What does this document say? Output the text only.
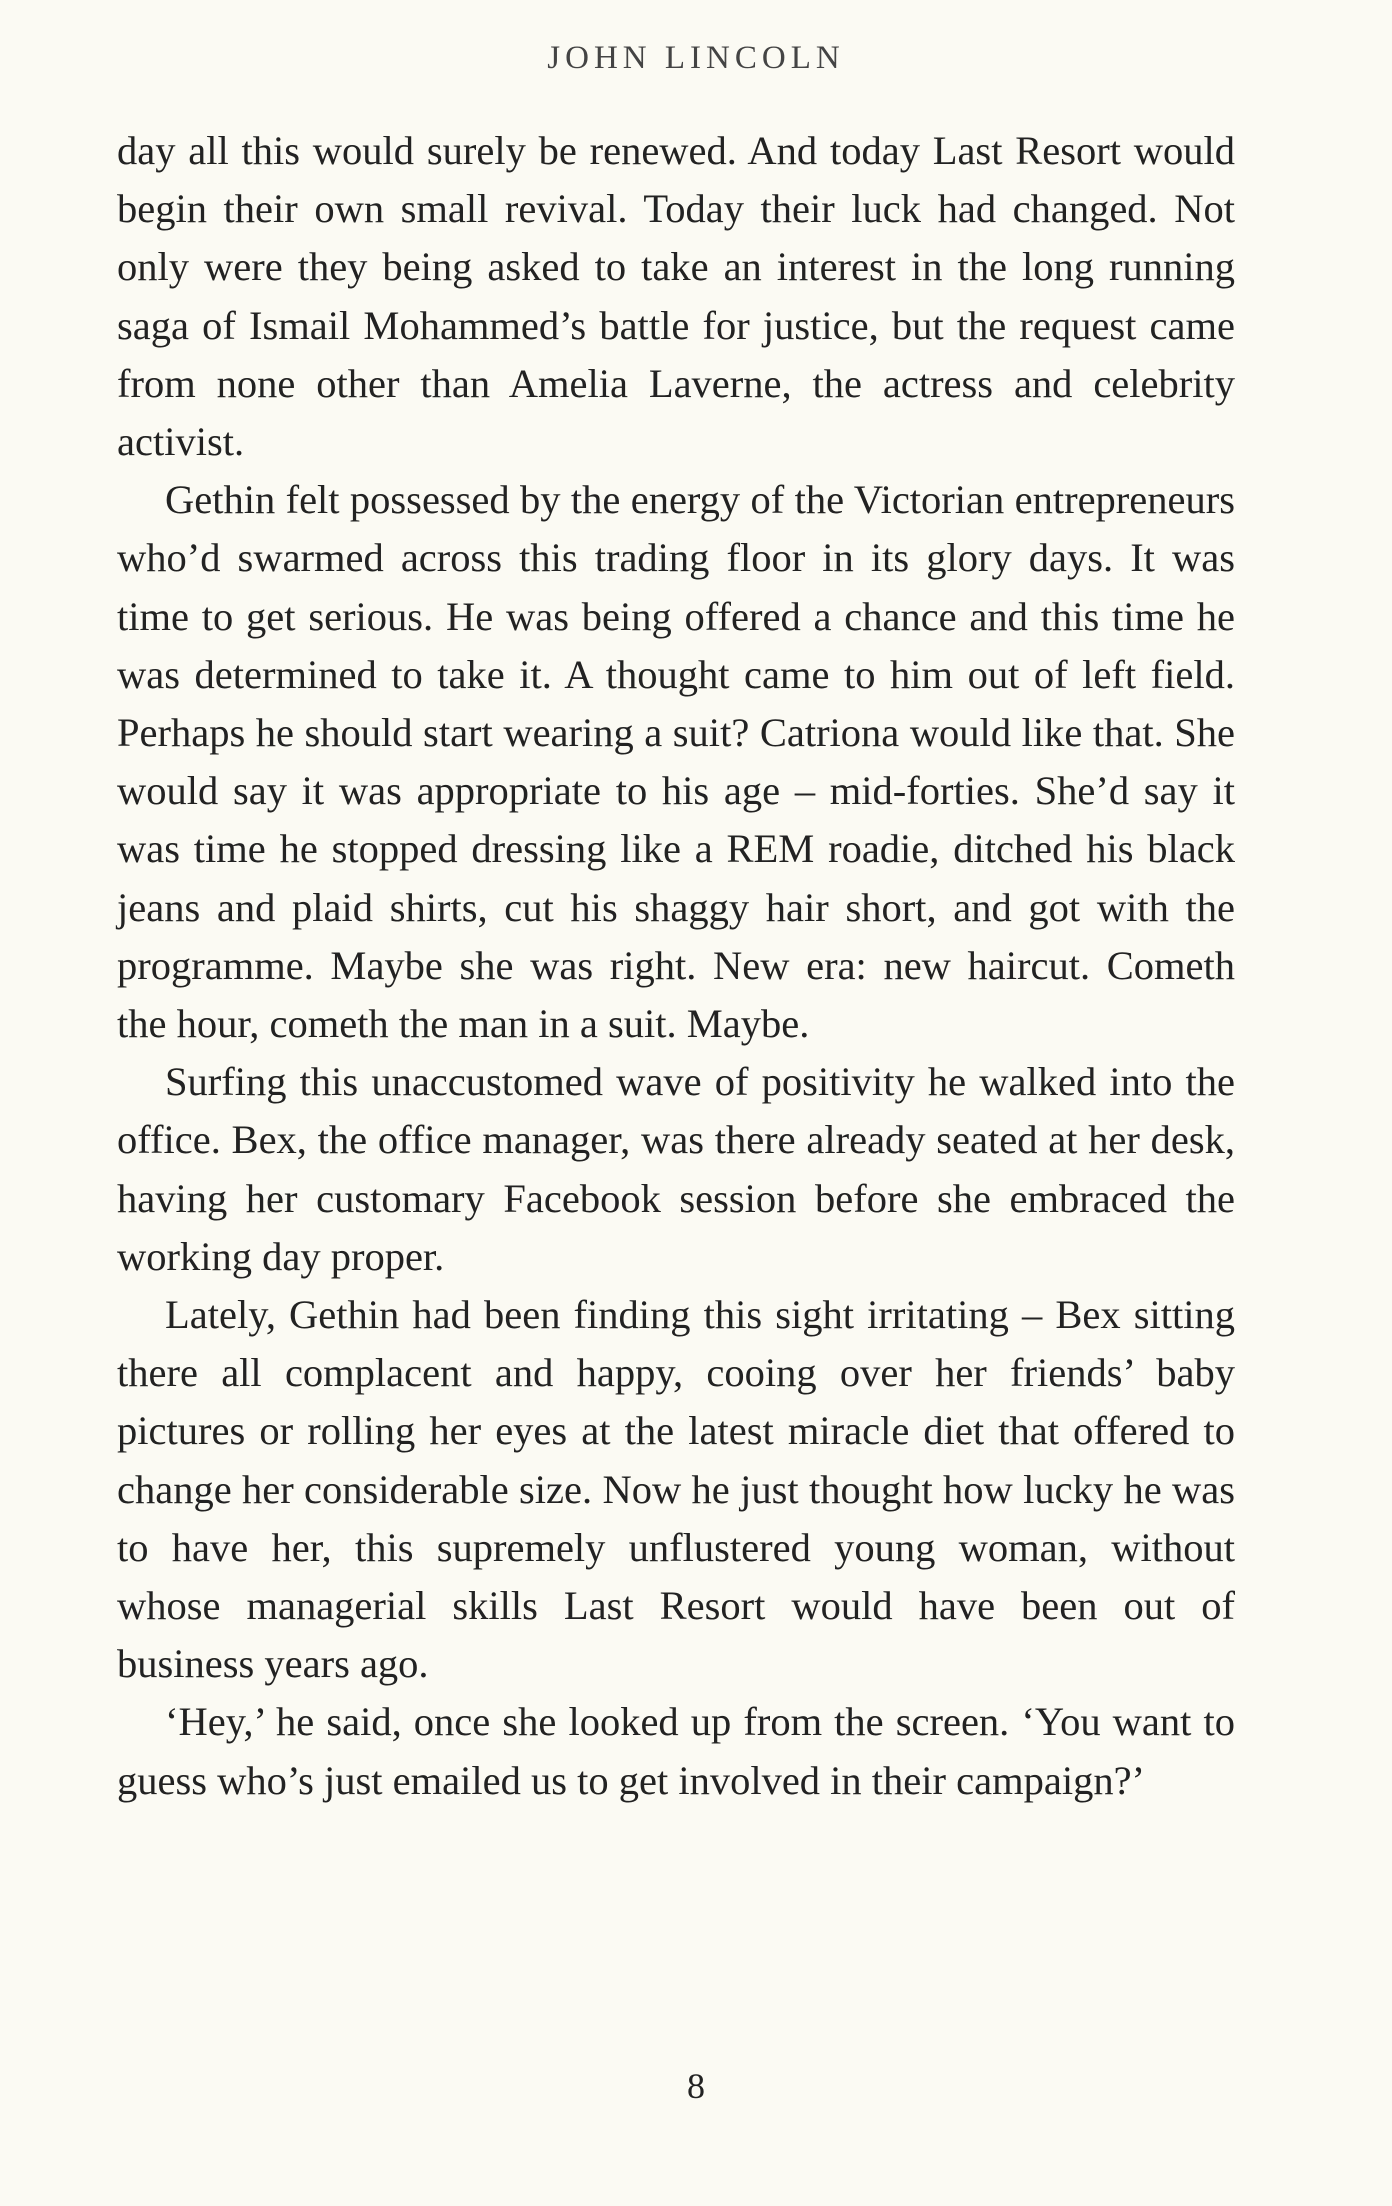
JOHN LINCOLN

day all this would surely be renewed. And today Last Resort would begin their own small revival. Today their luck had changed. Not only were they being asked to take an interest in the long running saga of Ismail Mohammed’s battle for justice, but the request came from none other than Amelia Laverne, the actress and celebrity activist.

Gethin felt possessed by the energy of the Victorian entrepreneurs who’d swarmed across this trading floor in its glory days. It was time to get serious. He was being offered a chance and this time he was determined to take it. A thought came to him out of left field. Perhaps he should start wearing a suit? Catriona would like that. She would say it was appropriate to his age – mid-forties. She’d say it was time he stopped dressing like a REM roadie, ditched his black jeans and plaid shirts, cut his shaggy hair short, and got with the programme. Maybe she was right. New era: new haircut. Cometh the hour, cometh the man in a suit. Maybe.

Surfing this unaccustomed wave of positivity he walked into the office. Bex, the office manager, was there already seated at her desk, having her customary Facebook session before she embraced the working day proper.

Lately, Gethin had been finding this sight irritating – Bex sitting there all complacent and happy, cooing over her friends’ baby pictures or rolling her eyes at the latest miracle diet that offered to change her considerable size. Now he just thought how lucky he was to have her, this supremely unflustered young woman, without whose managerial skills Last Resort would have been out of business years ago.

‘Hey,’ he said, once she looked up from the screen. ‘You want to guess who’s just emailed us to get involved in their campaign?’

8
